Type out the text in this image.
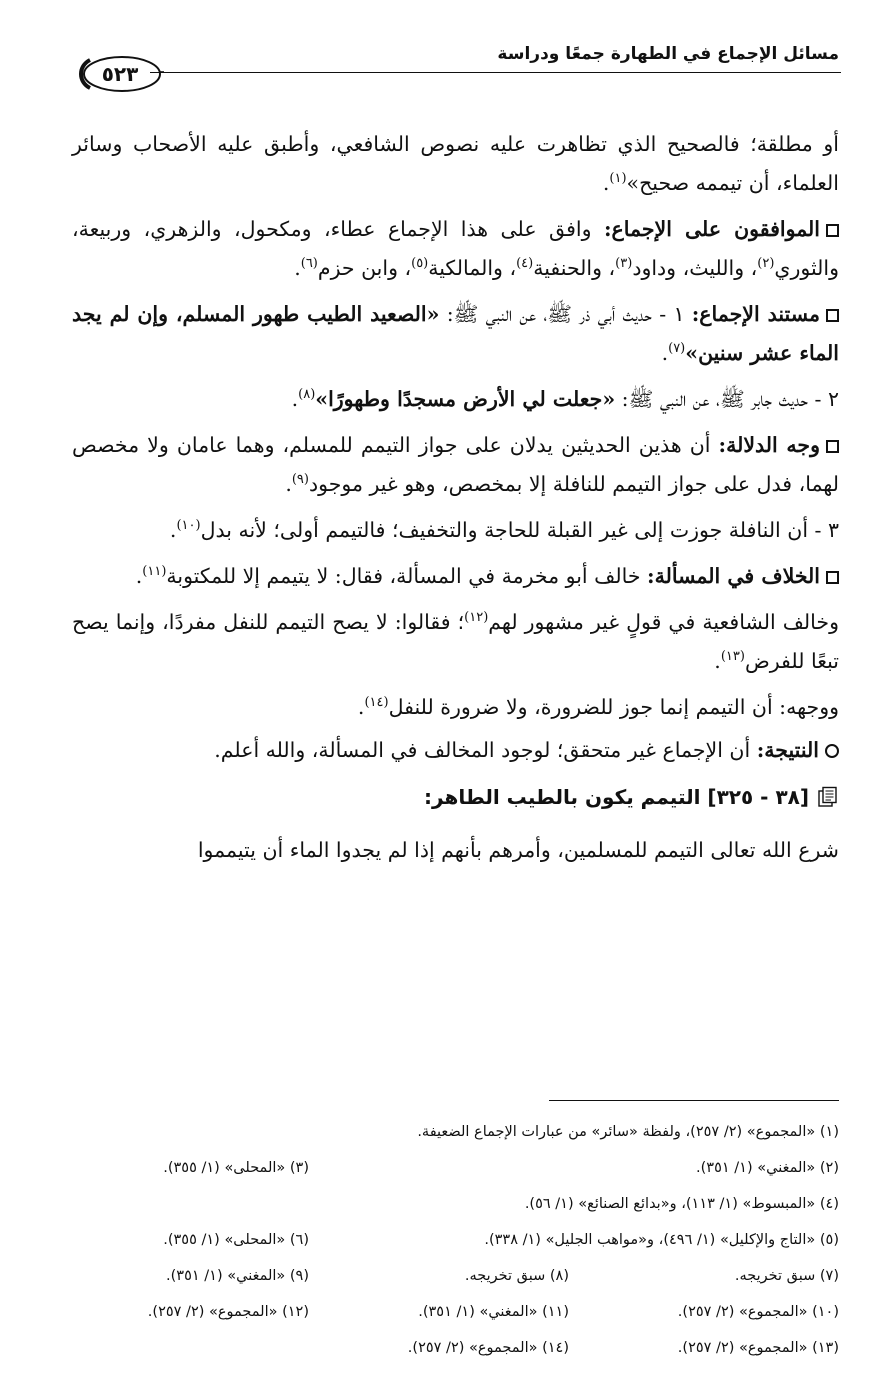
مسائل الإجماع في الطهارة جمعًا ودراسة
٥٢٣

أو مطلقة؛ فالصحيح الذي تظاهرت عليه نصوص الشافعي، وأطبق عليه الأصحاب وسائر العلماء، أن تيممه صحيح»$^{(١)}$.

الموافقون على الإجماع: وافق على هذا الإجماع عطاء، ومكحول، والزهري، وربيعة، والثوري$^{(٢)}$، والليث، وداود$^{(٣)}$، والحنفية$^{(٤)}$، والمالكية$^{(٥)}$، وابن حزم$^{(٦)}$.

مستند الإجماع: ١ - حديث أبي ذر ﷺ، عن النبي ﷺ: «الصعيد الطيب طهور المسلم، وإن لم يجد الماء عشر سنين»$^{(٧)}$.

٢ - حديث جابر ﷺ، عن النبي ﷺ: «جعلت لي الأرض مسجدًا وطهورًا»$^{(٨)}$.

وجه الدلالة: أن هذين الحديثين يدلان على جواز التيمم للمسلم، وهما عامان ولا مخصص لهما، فدل على جواز التيمم للنافلة إلا بمخصص، وهو غير موجود$^{(٩)}$.

٣ - أن النافلة جوزت إلى غير القبلة للحاجة والتخفيف؛ فالتيمم أولى؛ لأنه بدل$^{(١٠)}$.

الخلاف في المسألة: خالف أبو مخرمة في المسألة، فقال: لا يتيمم إلا للمكتوبة$^{(١١)}$.

وخالف الشافعية في قولٍ غير مشهور لهم$^{(١٢)}$؛ فقالوا: لا يصح التيمم للنفل مفردًا، وإنما يصح تبعًا للفرض$^{(١٣)}$.

ووجهه: أن التيمم إنما جوز للضرورة، ولا ضرورة للنفل$^{(١٤)}$.

النتيجة: أن الإجماع غير متحقق؛ لوجود المخالف في المسألة، والله أعلم.

[٣٨ - ٣٢٥] التيمم يكون بالطيب الطاهر:

شرع الله تعالى التيمم للمسلمين، وأمرهم بأنهم إذا لم يجدوا الماء أن يتيمموا

(١) «المجموع» (٢/ ٢٥٧)، ولفظة «سائر» من عبارات الإجماع الضعيفة.
(٢) «المغني» (١/ ٣٥١).
(٣) «المحلى» (١/ ٣٥٥).
(٤) «المبسوط» (١/ ١١٣)، و«بدائع الصنائع» (١/ ٥٦).
(٥) «التاج والإكليل» (١/ ٤٩٦)، و«مواهب الجليل» (١/ ٣٣٨).
(٦) «المحلى» (١/ ٣٥٥).
(٧) سبق تخريجه.
(٨) سبق تخريجه.
(٩) «المغني» (١/ ٣٥١).
(١٠) «المجموع» (٢/ ٢٥٧).
(١١) «المغني» (١/ ٣٥١).
(١٢) «المجموع» (٢/ ٢٥٧).
(١٣) «المجموع» (٢/ ٢٥٧).
(١٤) «المجموع» (٢/ ٢٥٧).
